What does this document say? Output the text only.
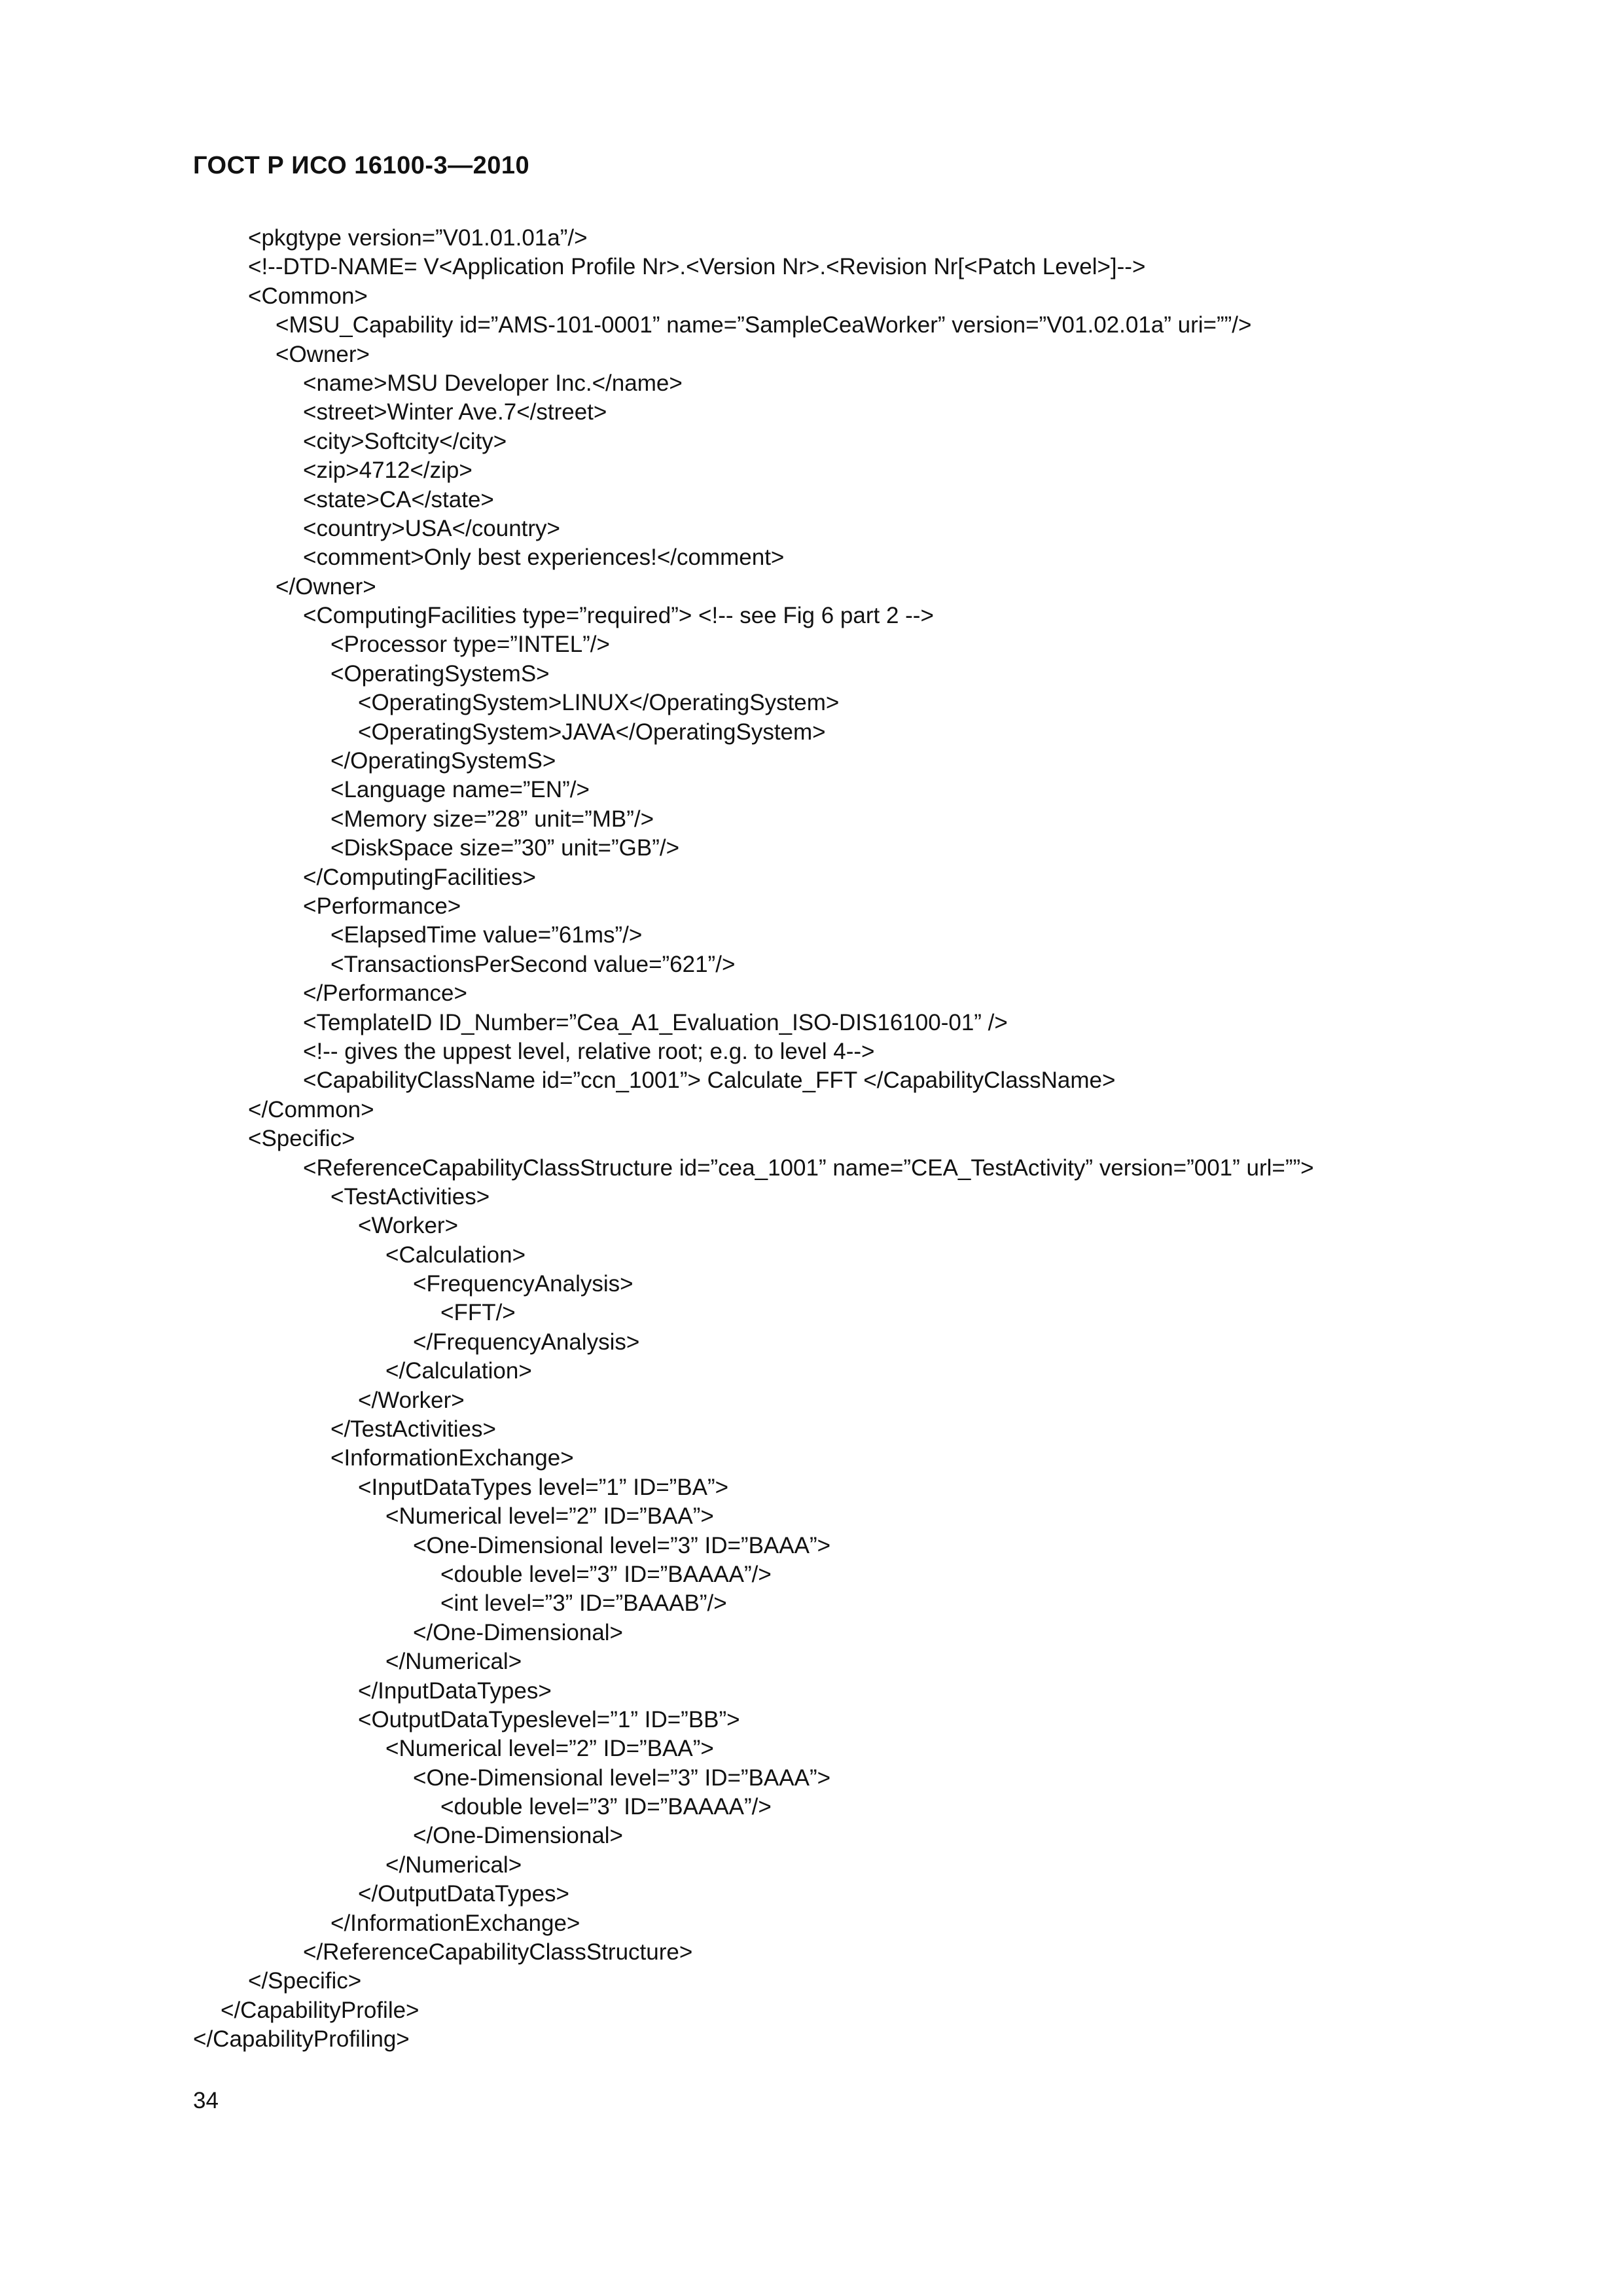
ГОСТ Р ИСО 16100-3—2010
<pkgtype version=”V01.01.01a”/>
<!--DTD-NAME= V<Application Profile Nr>.<Version Nr>.<Revision Nr[<Patch Level>]-->
<Common>
<MSU_Capability id=”AMS-101-0001” name=”SampleCeaWorker” version=”V01.02.01a” uri=””/>
<Owner>
<name>MSU Developer Inc.</name>
<street>Winter Ave.7</street>
<city>Softcity</city>
<zip>4712</zip>
<state>CA</state>
<country>USA</country>
<comment>Only best experiences!</comment>
</Owner>
<ComputingFacilities type=”required”> <!-- see Fig 6 part 2 -->
<Processor type=”INTEL”/>
<OperatingSystemS>
<OperatingSystem>LINUX</OperatingSystem>
<OperatingSystem>JAVA</OperatingSystem>
</OperatingSystemS>
<Language name=”EN”/>
<Memory size=”28” unit=”MB”/>
<DiskSpace size=”30” unit=”GB”/>
</ComputingFacilities>
<Performance>
<ElapsedTime value=”61ms”/>
<TransactionsPerSecond value=”621”/>
</Performance>
<TemplateID ID_Number=”Cea_A1_Evaluation_ISO-DIS16100-01” />
<!-- gives the uppest level, relative root; e.g. to level 4-->
<CapabilityClassName id=”ccn_1001”> Calculate_FFT </CapabilityClassName>
</Common>
<Specific>
<ReferenceCapabilityClassStructure id=”cea_1001” name=”CEA_TestActivity” version=”001” url=””>
<TestActivities>
<Worker>
<Calculation>
<FrequencyAnalysis>
<FFT/>
</FrequencyAnalysis>
</Calculation>
</Worker>
</TestActivities>
<InformationExchange>
<InputDataTypes level=”1” ID=”BA”>
<Numerical level=”2” ID=”BAA”>
<One-Dimensional level=”3” ID=”BAAA”>
<double level=”3” ID=”BAAAA”/>
<int level=”3” ID=”BAAAB”/>
</One-Dimensional>
</Numerical>
</InputDataTypes>
<OutputDataTypeslevel=”1” ID=”BB”>
<Numerical level=”2” ID=”BAA”>
<One-Dimensional level=”3” ID=”BAAA”>
<double level=”3” ID=”BAAAA”/>
</One-Dimensional>
</Numerical>
</OutputDataTypes>
</InformationExchange>
</ReferenceCapabilityClassStructure>
</Specific>
</CapabilityProfile>
</CapabilityProfiling>
34
